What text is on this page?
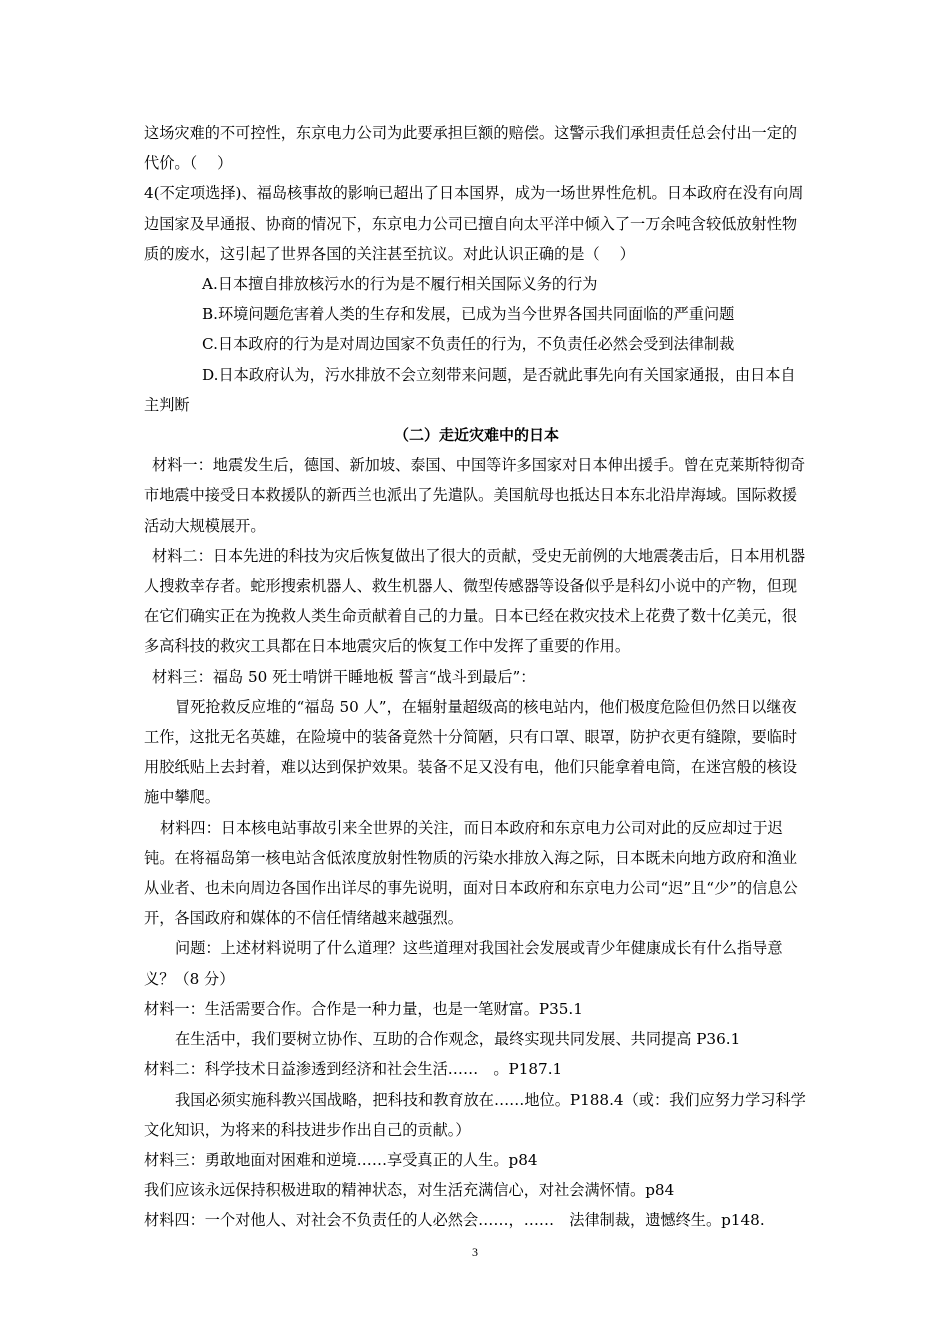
这场灾难的不可控性，东京电力公司为此要承担巨额的赔偿。这警示我们承担责任总会付出一定的代价。（　 ）

4(不定项选择)、福岛核事故的影响已超出了日本国界，成为一场世界性危机。日本政府在没有向周边国家及早通报、协商的情况下，东京电力公司已擅自向太平洋中倾入了一万余吨含较低放射性物质的废水，这引起了世界各国的关注甚至抗议。对此认识正确的是（　 ）

A.日本擅自排放核污水的行为是不履行相关国际义务的行为

B.环境问题危害着人类的生存和发展，已成为当今世界各国共同面临的严重问题

C.日本政府的行为是对周边国家不负责任的行为，不负责任必然会受到法律制裁

D.日本政府认为，污水排放不会立刻带来问题，是否就此事先向有关国家通报，由日本自主判断

（二）走近灾难中的日本

材料一：地震发生后，德国、新加坡、泰国、中国等许多国家对日本伸出援手。曾在克莱斯特彻奇市地震中接受日本救援队的新西兰也派出了先遣队。美国航母也抵达日本东北沿岸海域。国际救援活动大规模展开。

材料二：日本先进的科技为灾后恢复做出了很大的贡献，受史无前例的大地震袭击后，日本用机器人搜救幸存者。蛇形搜索机器人、救生机器人、微型传感器等设备似乎是科幻小说中的产物，但现在它们确实正在为挽救人类生命贡献着自己的力量。日本已经在救灾技术上花费了数十亿美元，很多高科技的救灾工具都在日本地震灾后的恢复工作中发挥了重要的作用。

材料三：福岛 50 死士啃饼干睡地板 誓言“战斗到最后”：

冒死抢救反应堆的“福岛 50 人”，在辐射量超级高的核电站内，他们极度危险但仍然日以继夜工作，这批无名英雄，在险境中的装备竟然十分简陋，只有口罩、眼罩，防护衣更有缝隙，要临时用胶纸贴上去封着，难以达到保护效果。装备不足又没有电，他们只能拿着电筒，在迷宫般的核设施中攀爬。

材料四：日本核电站事故引来全世界的关注，而日本政府和东京电力公司对此的反应却过于迟钝。在将福岛第一核电站含低浓度放射性物质的污染水排放入海之际，日本既未向地方政府和渔业从业者、也未向周边各国作出详尽的事先说明，面对日本政府和东京电力公司“迟”且“少”的信息公开，各国政府和媒体的不信任情绪越来越强烈。

问题：上述材料说明了什么道理？这些道理对我国社会发展或青少年健康成长有什么指导意义？（8 分）

材料一：生活需要合作。合作是一种力量，也是一笔财富。P35.1

在生活中，我们要树立协作、互助的合作观念，最终实现共同发展、共同提高 P36.1

材料二：科学技术日益渗透到经济和社会生活……　。P187.1

我国必须实施科教兴国战略，把科技和教育放在……地位。P188.4（或：我们应努力学习科学文化知识，为将来的科技进步作出自己的贡献。）

材料三：勇敢地面对困难和逆境……享受真正的人生。p84

我们应该永远保持积极进取的精神状态，对生活充满信心，对社会满怀情。p84

材料四：一个对他人、对社会不负责任的人必然会……，……　法律制裁，遗憾终生。p148.

3
